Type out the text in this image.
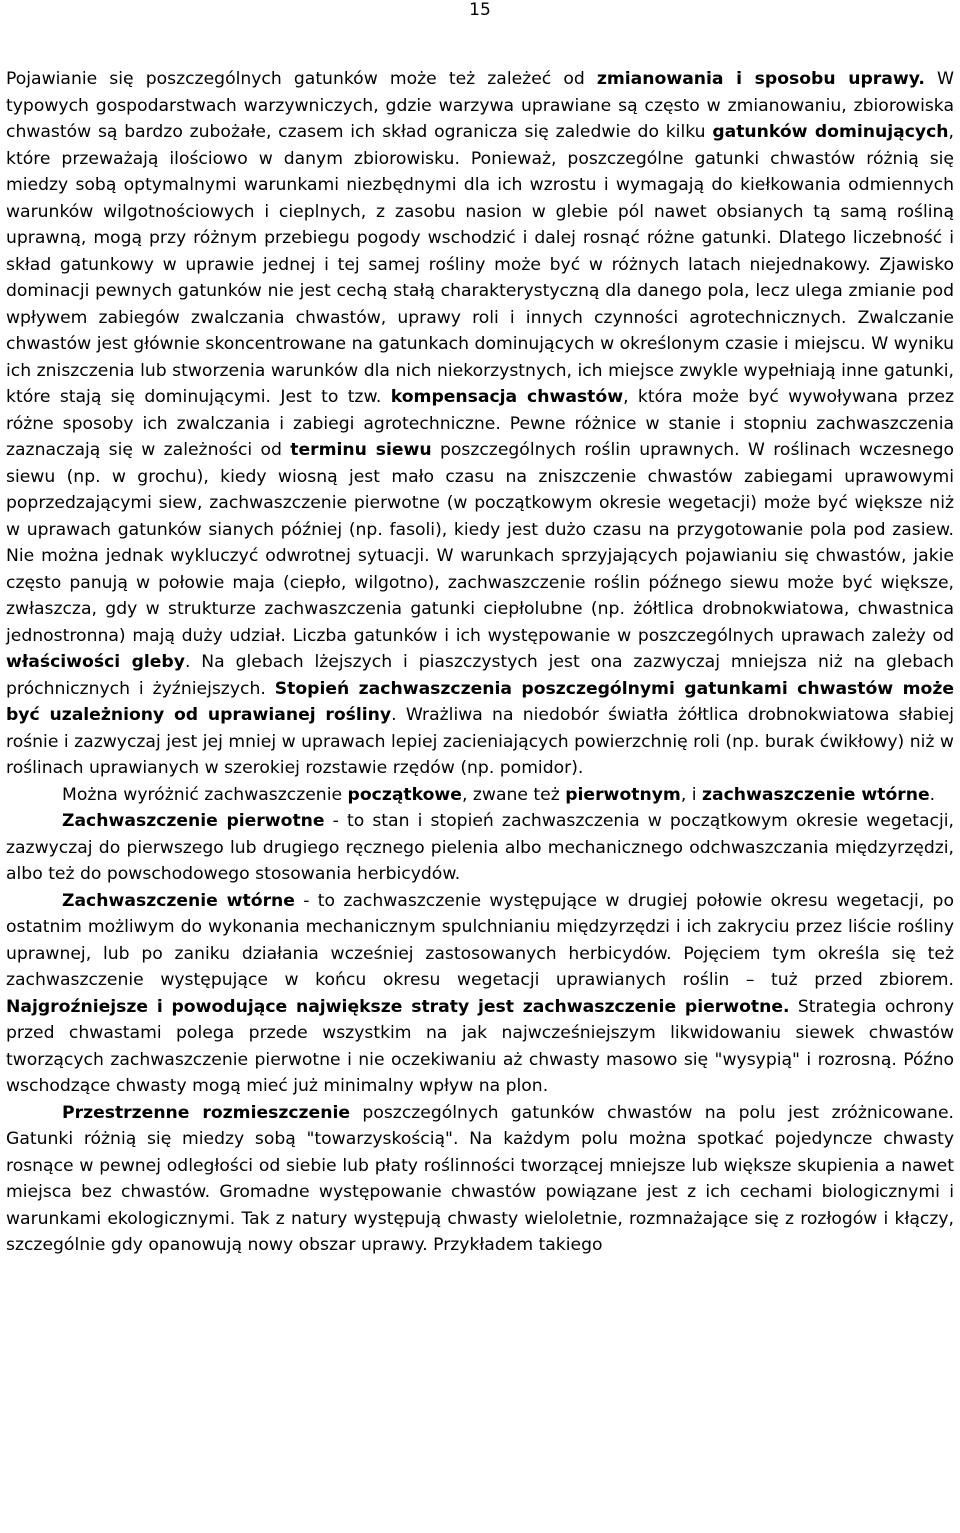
15

Pojawianie się poszczególnych gatunków może też zależeć od zmianowania i sposobu uprawy. W typowych gospodarstwach warzywniczych, gdzie warzywa uprawiane są często w zmianowaniu, zbiorowiska chwastów są bardzo zubożałe, czasem ich skład ogranicza się zaledwie do kilku gatunków dominujących, które przeważają ilościowo w danym zbiorowisku. Ponieważ, poszczególne gatunki chwastów różnią się miedzy sobą optymalnymi warunkami niezbędnymi dla ich wzrostu i wymagają do kiełkowania odmiennych warunków wilgotnościowych i cieplnych, z zasobu nasion w glebie pól nawet obsianych tą samą rośliną uprawną, mogą przy różnym przebiegu pogody wschodzić i dalej rosnąć różne gatunki. Dlatego liczebność i skład gatunkowy w uprawie jednej i tej samej rośliny może być w różnych latach niejednakowy. Zjawisko dominacji pewnych gatunków nie jest cechą stałą charakterystyczną dla danego pola, lecz ulega zmianie pod wpływem zabiegów zwalczania chwastów, uprawy roli i innych czynności agrotechnicznych. Zwalczanie chwastów jest głównie skoncentrowane na gatunkach dominujących w określonym czasie i miejscu. W wyniku ich zniszczenia lub stworzenia warunków dla nich niekorzystnych, ich miejsce zwykle wypełniają inne gatunki, które stają się dominującymi. Jest to tzw. kompensacja chwastów, która może być wywoływana przez różne sposoby ich zwalczania i zabiegi agrotechniczne. Pewne różnice w stanie i stopniu zachwaszczenia zaznaczają się w zależności od terminu siewu poszczególnych roślin uprawnych. W roślinach wczesnego siewu (np. w grochu), kiedy wiosną jest mało czasu na zniszczenie chwastów zabiegami uprawowymi poprzedzającymi siew, zachwaszczenie pierwotne (w początkowym okresie wegetacji) może być większe niż w uprawach gatunków sianych później (np. fasoli), kiedy jest dużo czasu na przygotowanie pola pod zasiew. Nie można jednak wykluczyć odwrotnej sytuacji. W warunkach sprzyjających pojawianiu się chwastów, jakie często panują w połowie maja (ciepło, wilgotno), zachwaszczenie roślin późnego siewu może być większe, zwłaszcza, gdy w strukturze zachwaszczenia gatunki ciepłolubne (np. żółtlica drobnokwiatowa, chwastnica jednostronna) mają duży udział. Liczba gatunków i ich występowanie w poszczególnych uprawach zależy od właściwości gleby. Na glebach lżejszych i piaszczystych jest ona zazwyczaj mniejsza niż na glebach próchnicznych i żyźniejszych. Stopień zachwaszczenia poszczególnymi gatunkami chwastów może być uzależniony od uprawianej rośliny. Wrażliwa na niedobór światła żółtlica drobnokwiatowa słabiej rośnie i zazwyczaj jest jej mniej w uprawach lepiej zacieniających powierzchnię roli (np. burak ćwikłowy) niż w roślinach uprawianych w szerokiej rozstawie rzędów (np. pomidor).

Można wyróżnić zachwaszczenie początkowe, zwane też pierwotnym, i zachwaszczenie wtórne.

Zachwaszczenie pierwotne - to stan i stopień zachwaszczenia w początkowym okresie wegetacji, zazwyczaj do pierwszego lub drugiego ręcznego pielenia albo mechanicznego odchwaszczania międzyrzędzi, albo też do powschodowego stosowania herbicydów.

Zachwaszczenie wtórne - to zachwaszczenie występujące w drugiej połowie okresu wegetacji, po ostatnim możliwym do wykonania mechanicznym spulchnianiu międzyrzędzi i ich zakryciu przez liście rośliny uprawnej, lub po zaniku działania wcześniej zastosowanych herbicydów. Pojęciem tym określa się też zachwaszczenie występujące w końcu okresu wegetacji uprawianych roślin – tuż przed zbiorem. Najgroźniejsze i powodujące największe straty jest zachwaszczenie pierwotne. Strategia ochrony przed chwastami polega przede wszystkim na jak najwcześniejszym likwidowaniu siewek chwastów tworzących zachwaszczenie pierwotne i nie oczekiwaniu aż chwasty masowo się "wysypią" i rozrosną. Późno wschodzące chwasty mogą mieć już minimalny wpływ na plon.

Przestrzenne rozmieszczenie poszczególnych gatunków chwastów na polu jest zróżnicowane. Gatunki różnią się miedzy sobą "towarzyskością". Na każdym polu można spotkać pojedyncze chwasty rosnące w pewnej odległości od siebie lub płaty roślinności tworzącej mniejsze lub większe skupienia a nawet miejsca bez chwastów. Gromadne występowanie chwastów powiązane jest z ich cechami biologicznymi i warunkami ekologicznymi. Tak z natury występują chwasty wieloletnie, rozmnażające się z rozłogów i kłączy, szczególnie gdy opanowują nowy obszar uprawy. Przykładem takiego
